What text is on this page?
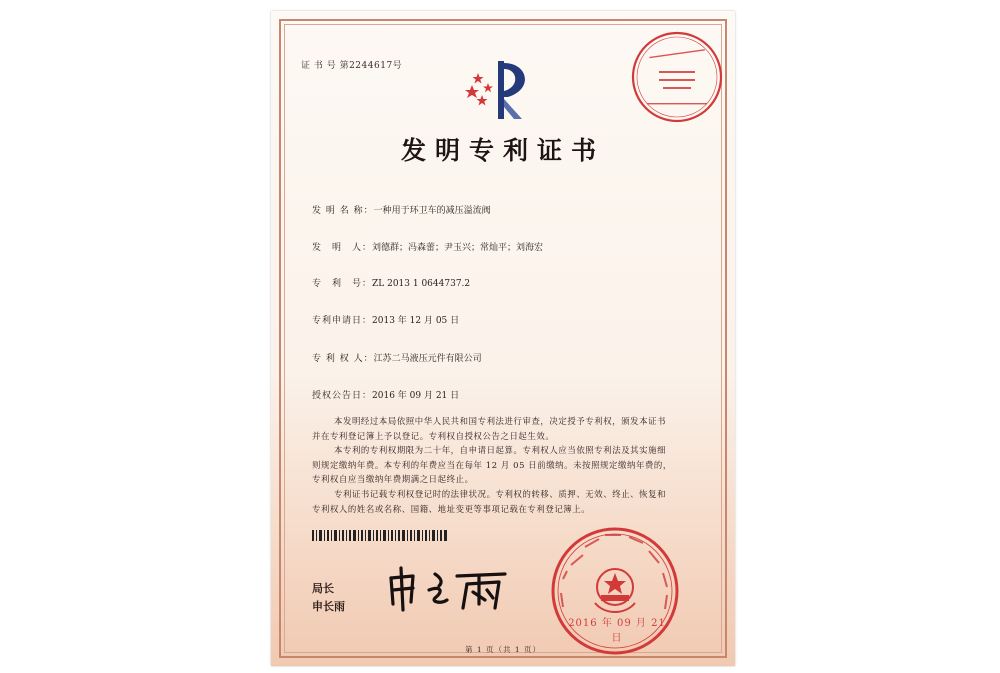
证 书 号 第2244617号
发明专利证书
发 明 名 称：一种用于环卫车的减压溢流阀
发　明　人：刘德群；冯森蕾；尹玉兴；常灿平；刘海宏
专　利　号：ZL 2013 1 0644737.2
专利申请日：2013 年 12 月 05 日
专 利 权 人：江苏二马液压元件有限公司
授权公告日：2016 年 09 月 21 日

本发明经过本局依照中华人民共和国专利法进行审查，决定授予专利权，颁发本证书
并在专利登记簿上予以登记。专利权自授权公告之日起生效。

本专利的专利权期限为二十年，自申请日起算。专利权人应当依照专利法及其实施细
则规定缴纳年费。本专利的年费应当在每年 12 月 05 日前缴纳。未按照规定缴纳年费的，
专利权自应当缴纳年费期满之日起终止。

专利证书记载专利权登记时的法律状况。专利权的转移、质押、无效、终止、恢复和
专利权人的姓名或名称、国籍、地址变更等事项记载在专利登记簿上。

局长
申长雨
2016 年 09 月 21 日
第 1 页（共 1 页）
